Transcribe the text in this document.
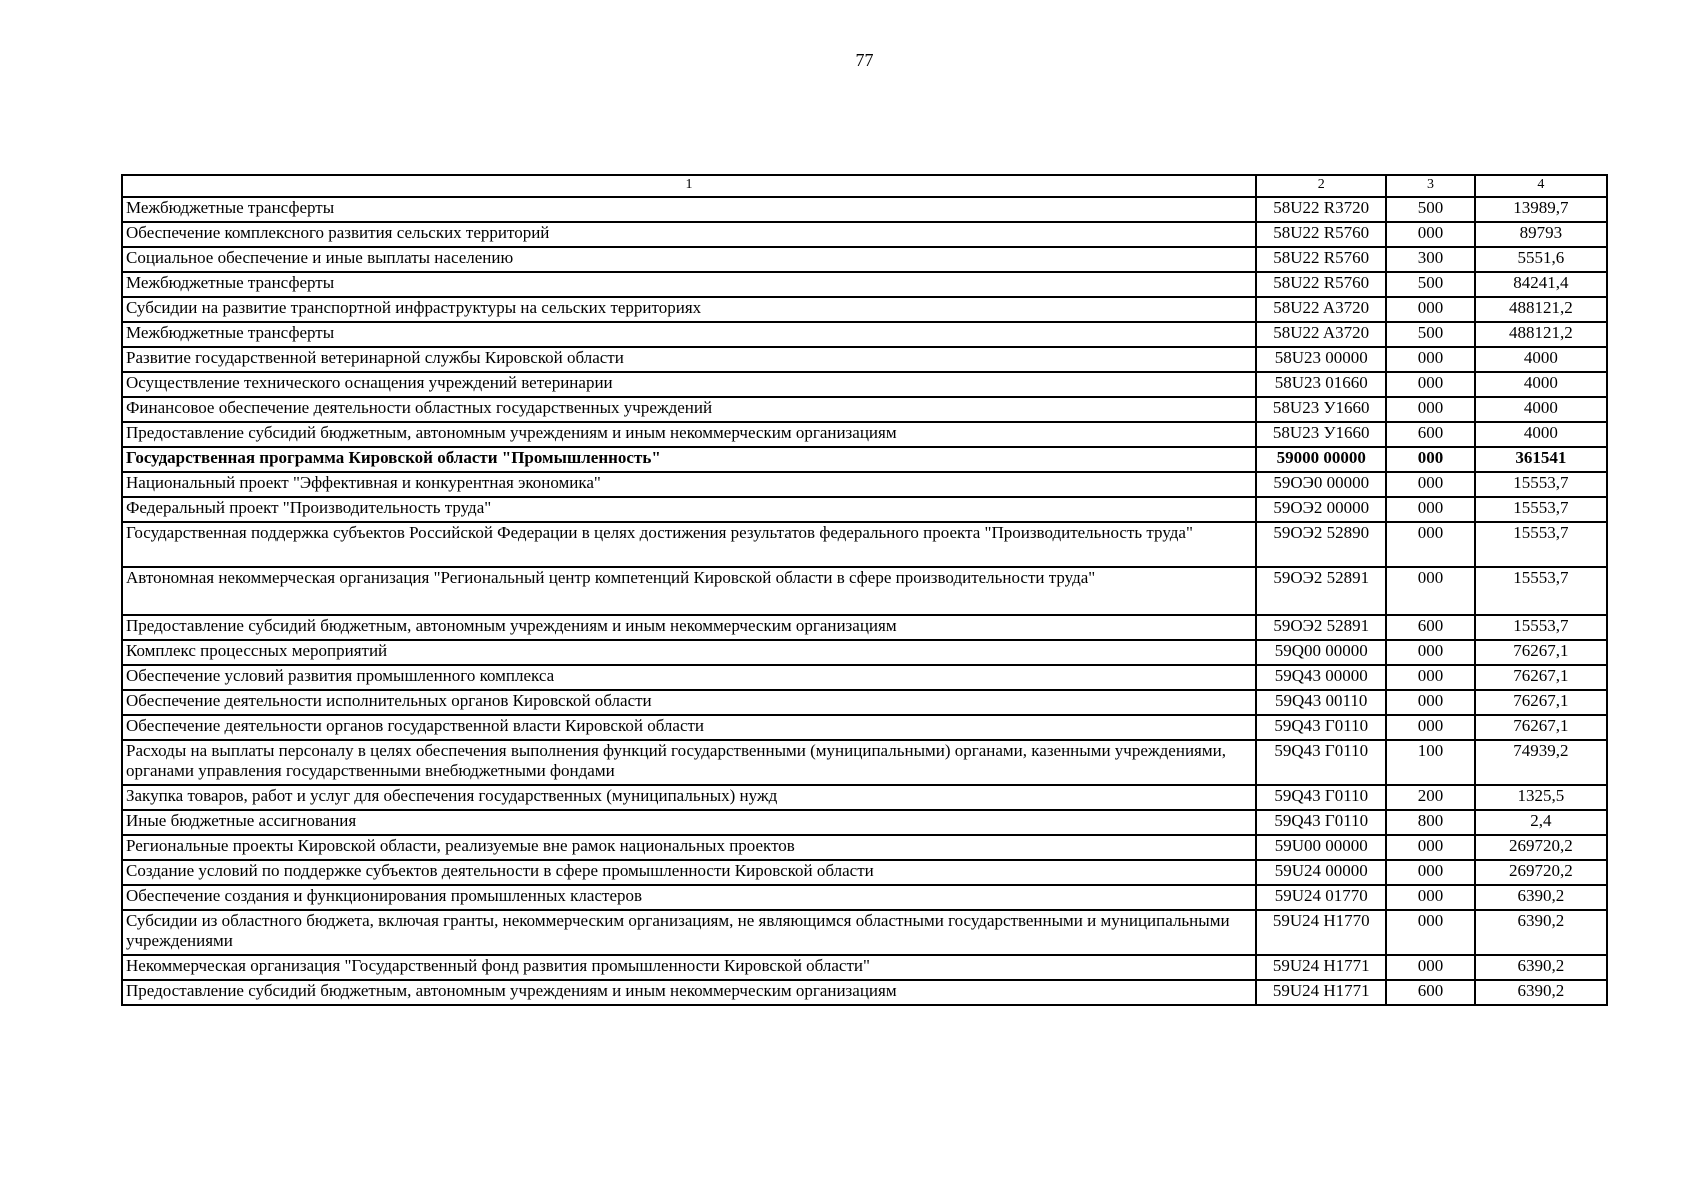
77
1	2	3	4
Межбюджетные трансферты	58U22 R3720	500	13989,7
Обеспечение комплексного развития сельских территорий	58U22 R5760	000	89793
Социальное обеспечение и иные выплаты населению	58U22 R5760	300	5551,6
Межбюджетные трансферты	58U22 R5760	500	84241,4
Субсидии на развитие транспортной инфраструктуры на сельских территориях	58U22 A3720	000	488121,2
Межбюджетные трансферты	58U22 A3720	500	488121,2
Развитие государственной ветеринарной службы Кировской области	58U23 00000	000	4000
Осуществление технического оснащения учреждений ветеринарии	58U23 01660	000	4000
Финансовое обеспечение деятельности областных государственных учреждений	58U23 У1660	000	4000
Предоставление субсидий бюджетным, автономным учреждениям и иным некоммерческим организациям	58U23 У1660	600	4000
Государственная программа Кировской области "Промышленность"	59000 00000	000	361541
Национальный проект "Эффективная и конкурентная экономика"	59ОЭ0 00000	000	15553,7
Федеральный проект "Производительность труда"	59ОЭ2 00000	000	15553,7
Государственная поддержка субъектов Российской Федерации в целях достижения результатов федерального проекта "Производительность труда"	59ОЭ2 52890	000	15553,7
Автономная некоммерческая организация "Региональный центр компетенций Кировской области в сфере производительности труда"	59ОЭ2 52891	000	15553,7
Предоставление субсидий бюджетным, автономным учреждениям и иным некоммерческим организациям	59ОЭ2 52891	600	15553,7
Комплекс процессных мероприятий	59Q00 00000	000	76267,1
Обеспечение условий развития промышленного комплекса	59Q43 00000	000	76267,1
Обеспечение деятельности исполнительных органов Кировской области	59Q43 00110	000	76267,1
Обеспечение деятельности органов государственной власти Кировской области	59Q43 Г0110	000	76267,1
Расходы на выплаты персоналу в целях обеспечения выполнения функций государственными (муниципальными) органами, казенными учреждениями, органами управления государственными внебюджетными фондами	59Q43 Г0110	100	74939,2
Закупка товаров, работ и услуг для обеспечения государственных (муниципальных) нужд	59Q43 Г0110	200	1325,5
Иные бюджетные ассигнования	59Q43 Г0110	800	2,4
Региональные проекты Кировской области, реализуемые вне рамок национальных проектов	59U00 00000	000	269720,2
Создание условий по поддержке субъектов деятельности в сфере промышленности Кировской области	59U24 00000	000	269720,2
Обеспечение создания и функционирования промышленных кластеров	59U24 01770	000	6390,2
Субсидии из областного бюджета, включая гранты, некоммерческим организациям, не являющимся областными государственными и муниципальными учреждениями	59U24 Н1770	000	6390,2
Некоммерческая организация "Государственный фонд развития промышленности Кировской области"	59U24 Н1771	000	6390,2
Предоставление субсидий бюджетным, автономным учреждениям и иным некоммерческим организациям	59U24 Н1771	600	6390,2
